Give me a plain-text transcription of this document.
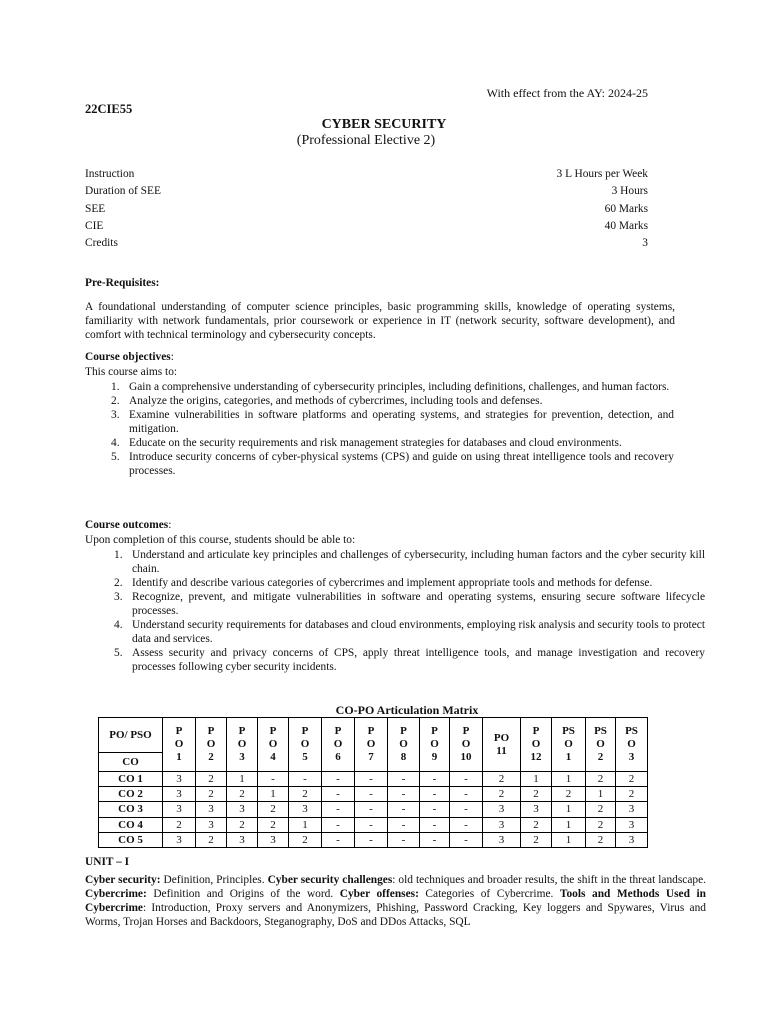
With effect from the AY: 2024-25
22CIE55
CYBER SECURITY
(Professional Elective 2)
Instruction	3 L Hours per Week
Duration of SEE	3 Hours
SEE	60 Marks
CIE	40 Marks
Credits	3
Pre-Requisites:
A foundational understanding of computer science principles, basic programming skills, knowledge of operating systems, familiarity with network fundamentals, prior coursework or experience in IT (network security, software development), and comfort with technical terminology and cybersecurity concepts.
Course objectives:
This course aims to:
1. Gain a comprehensive understanding of cybersecurity principles, including definitions, challenges, and human factors.
2. Analyze the origins, categories, and methods of cybercrimes, including tools and defenses.
3. Examine vulnerabilities in software platforms and operating systems, and strategies for prevention, detection, and mitigation.
4. Educate on the security requirements and risk management strategies for databases and cloud environments.
5. Introduce security concerns of cyber-physical systems (CPS) and guide on using threat intelligence tools and recovery processes.
Course outcomes:
Upon completion of this course, students should be able to:
1. Understand and articulate key principles and challenges of cybersecurity, including human factors and the cyber security kill chain.
2. Identify and describe various categories of cybercrimes and implement appropriate tools and methods for defense.
3. Recognize, prevent, and mitigate vulnerabilities in software and operating systems, ensuring secure software lifecycle processes.
4. Understand security requirements for databases and cloud environments, employing risk analysis and security tools to protect data and services.
5. Assess security and privacy concerns of CPS, apply threat intelligence tools, and manage investigation and recovery processes following cyber security incidents.
CO-PO Articulation Matrix
PO/ PSO
CO	P O 1	P O 2	P O 3	P O 4	P O 5	P O 6	P O 7	P O 8	P O 9	P O 10	PO 11	P O 12	PS O 1	PS O 2	PS O 3
CO 1	3	2	1	-	-	-	-	-	-	-	2	1	1	2	2
CO 2	3	2	2	1	2	-	-	-	-	-	2	2	2	1	2
CO 3	3	3	3	2	3	-	-	-	-	-	3	3	1	2	3
CO 4	2	3	2	2	1	-	-	-	-	-	3	2	1	2	3
CO 5	3	2	3	3	2	-	-	-	-	-	3	2	1	2	3
UNIT – I
Cyber security: Definition, Principles. Cyber security challenges: old techniques and broader results, the shift in the threat landscape. Cybercrime: Definition and Origins of the word. Cyber offenses: Categories of Cybercrime. Tools and Methods Used in Cybercrime: Introduction, Proxy servers and Anonymizers, Phishing, Password Cracking, Key loggers and Spywares, Virus and Worms, Trojan Horses and Backdoors, Steganography, DoS and DDos Attacks, SQL
